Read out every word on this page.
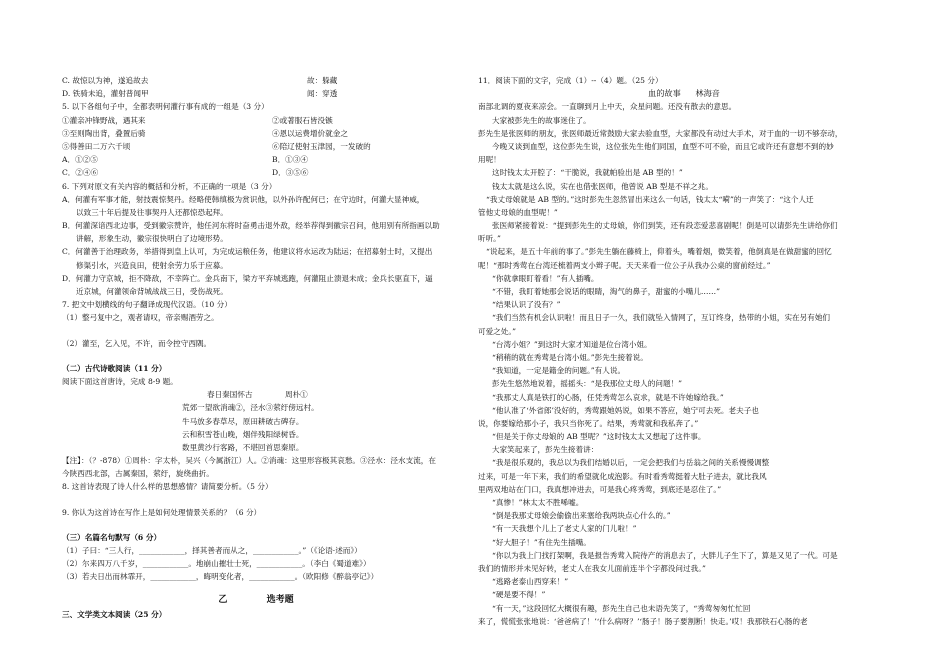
C. 故惊以为神，遂追故去	故：躲藏
D. 铁骑未追，灌射普闻甲	闻：穿透
5. 以下各组句子中，全都表明何灌行事有成的一组是（3 分）
①灌亲冲锋野战，遇其来	②或著服石皆没镞
③至则陶出背，叠置后骑	④恩以运费增价就金之
⑤得善田二万六千顷	⑥陪辽使射玉津园，一发破的
A．①②⑤	B．①③④
C．②④⑥	D．③⑤⑥
6. 下列对原文有关内容的概括和分析，不正确的一项是（3 分）
A．何灌有军事才能，射技震惊契丹。经略使韩缜极为赏识他，以外孙许配何已；在守边时，何灌大显神威，
以致三十年后提及往事契丹人还都惊恐起拜。
B．何灌深谙西北边事，受到徽宗赞许，他任河东将时奋勇击退外敌，经举荐得到徽宗召问，他用别有所指画以助
讲解，形象生动，徽宗很快明白了边境形势。
C．何灌善于治理政务，举措得到皇上认可，为完成运粮任务，他建议将水运改为陆运；在招募射士时，又提出
修渠引水，兴造良田，使射余劳力乐于应募。
D．何灌力守京城，拒不降敌，不幸阵亡。金兵南下，梁方平弃城逃跑，何灌阻止溃退未成；金兵长驱直下，逼
近京城，何灌领命背城战战三日，受伤战死。
7. 把文中划横线的句子翻译成现代汉语。（10 分）
（1）整弓复中之，观者请叹，帝亲赐酒劳之。
（2）灌至，乞入见，不许，而令控守西隅。
（二）古代诗歌阅读（11 分）
阅读下面这首唐诗，完成 8-9 题。
春日秦国怀古	周朴①
荒郊一望欲消魂②，泾水③萦纡傍远村。
牛马放多春草尽，原田耕破古碑存。
云和积雪苍山晚，烟伴残阳绿树昏。
数里黄沙行客路，不堪回首思秦原。
【注】：（？-878）①周朴：字太朴，吴兴（今属浙江）人。②消魂：这里形容极其哀愁。③泾水：泾水支流，在
今陕西西北部，古属秦国，萦纡，旋绕曲折。
8. 这首诗表现了诗人什么样的思想感情？请简要分析。（5 分）
9. 你认为这首诗在写作上是如何处理情景关系的？（6 分）
（三）名篇名句默写（6 分）
（1）子曰：“三人行，____________，择其善者而从之，____________。”（《论语·述而》）
（2）尔来四万八千岁，____________。地崩山摧壮士死，____________。（李白《蜀道难》）
（3）若夫日出而林霏开，____________，晦明变化者，____________。（欧阳修《醉翁亭记》）
乙	选考题
三、文学类文本阅读（25 分）
11．阅读下面的文字，完成（1）--（4）题。（25 分）
血的故事 林海音
南部北调的夏夜来凉会。一直聊到月上中天，众星问题。还没有散去的意思。
大家被彭先生的故事迷住了。
彭先生是张医师的朋友，张医师最近常鼓励大家去验血型，大家都没有动过大手术，对于血的一切不够奈动，
今晚又谈到血型，这位彭先生说，这位张先生他们同国，血型不可不验，而且它或许还有意想不到的妙
用呢！
这时钱太太开腔了：“干脆说，我就帕验出是 AB 型的！”
钱太太就是这么说，实在也借张医师，他曾说 AB 型是不祥之兆。
“我丈母娘就是 AB 型的。”这时彭先生忽然冒出来这么一句话，钱太太“嗬”的一声笑了：“这个人迁
管他丈母娘的血型呢！”
张医师紧接着说：“提到彭先生的丈母娘，你们到笑，还有段恋爱悲喜剧呢！倒是可以请彭先生讲给你们
听听。”
“说起来，是五十年前的事了。”彭先生躺在藤椅上，仰着头，嘴着烟，微笑着，他倒真是在做甜蜜的回忆
呢！“那时秀莺在台湾还梳着两支小辫子呢。天天来看一位公子从我办公桌的窗前经过。”
“你就拿眼盯着看！”有人插嘴。
“不错，我盯着她那会说话的眼睛，淘气的鼻子，甜蜜的小嘴儿……”
“结果认识了没有？”
“我们当然有机会认识啦！而且日子一久，我们就坠入情网了，互订终身，热带的小姐，实在另有她们
可爱之处。”
“台湾小姐？”到这时大家才知道是位台湾小姐。
“稍稍的就在秀莺是台湾小姐。”彭先生接着说。
“我知道，一定是籍金的问题。”有人说。
彭先生悠然地说着，摇摇头：“是我那位丈母人的问题！”
“我那丈人真是铁打的心肠，任凭秀莺怎么哀求，就是不许她嫁给我。”
“他认准了‘外省郎’没好的，秀莺跟她妈说，如果不答应，她宁可去死。老夫子也
说，你要嫁给那小子，我只当你死了。结果，秀莺就和我私奔了。”
“但是关于你丈母娘的 AB 型呢？”这时钱太太又想起了这件事。
大家笑起来了，彭先生接着讲：
“我是很乐观的，我总以为我们结婚以后，一定会把我们与岳翁之间的关系慢慢调整
过来，可是一年下来，我们的希望就化成泡影。有时看秀莺挺着大肚子进去，就比我风
里两双地站在门口，我真想冲进去，可是我心疼秀莺，到底还是忍住了。”
“真惨！”林太太不胜唏嘘。
“倒是我那丈母娘会偷偷出来塞给我两块点心什么的。”
“有一天我想个儿上了老丈人家的门儿啦！”
“好大胆子！”有住先生插嘴。
“你以为我上门找打架啊，我是报告秀莺入院待产的消息去了，大胖儿子生下了，算是又见了一代。可是
我们的情形并未见好转，老丈人在我女儿面前连半个字都没问过我。”
“逃路老泰山西穿来！”
“硬是要不得！”
“有一天，”这段回忆大概很有趣，彭先生自己也未语先笑了，“秀莺匆匆忙忙回
来了，慌慌张张地说：‘爸爸病了！’‘什么病呀？’‘肠子！肠子要割断！快走。’哎！我那铁石心肠的老
